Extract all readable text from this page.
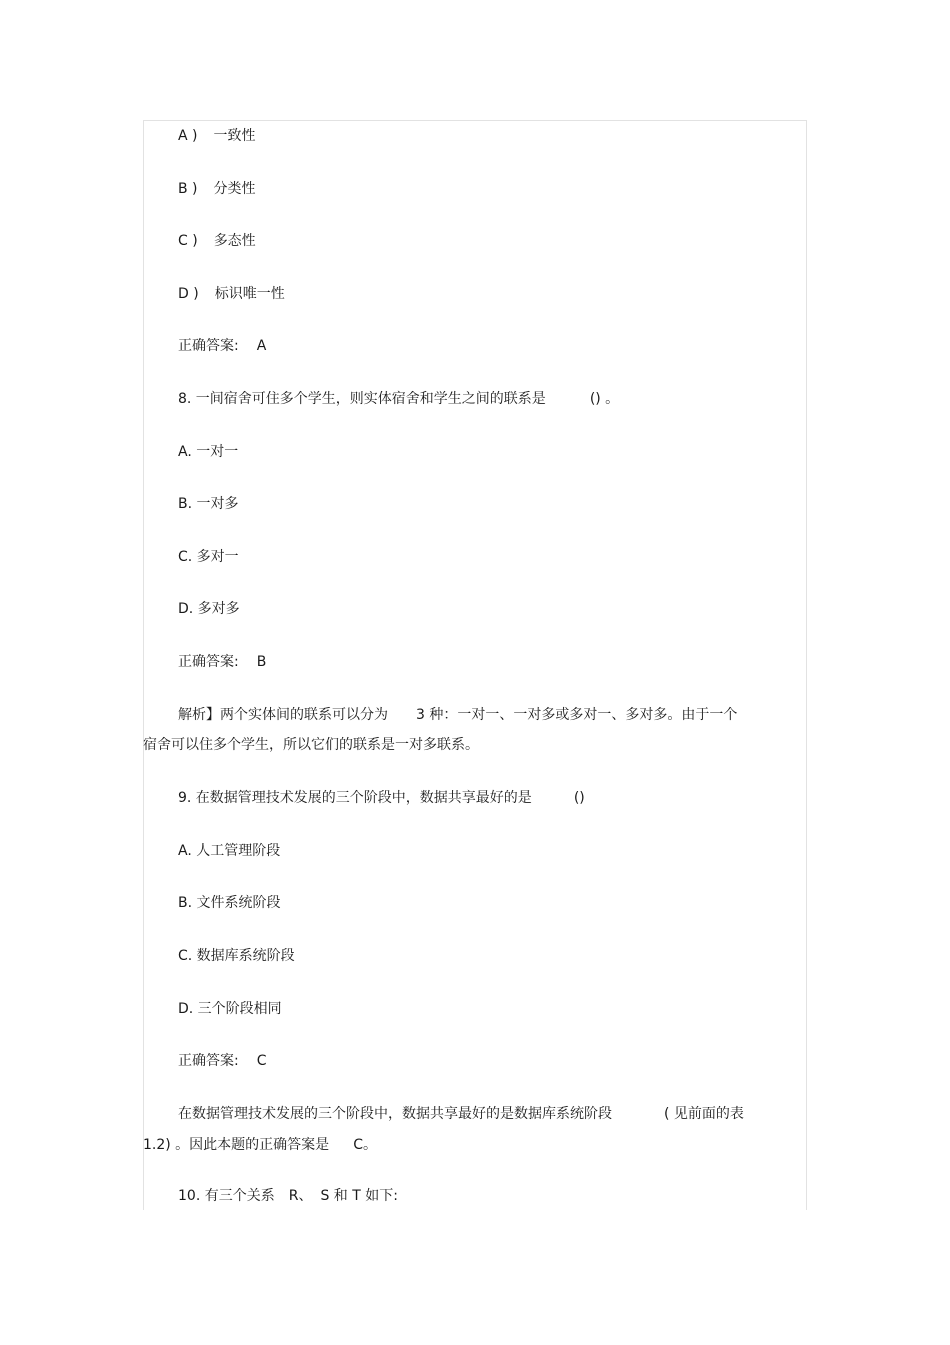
A ) 一致性
B ) 分类性
C ) 多态性
D ) 标识唯一性
正确答案: A
8. 一间宿舍可住多个学生，则实体宿舍和学生之间的联系是	() 。
A. 一对一
B. 一对多
C. 多对一
D. 多对多
正确答案: B
解析】两个实体间的联系可以分为 3 种：一对一、一对多或多对一、多对多。由于一个
宿舍可以住多个学生，所以它们的联系是一对多联系。
9. 在数据管理技术发展的三个阶段中，数据共享最好的是	()
A. 人工管理阶段
B. 文件系统阶段
C. 数据库系统阶段
D. 三个阶段相同
正确答案: C
在数据管理技术发展的三个阶段中，数据共享最好的是数据库系统阶段	( 见前面的表
1.2) 。因此本题的正确答案是 C。
10. 有三个关系 R、 S 和 T 如下:
